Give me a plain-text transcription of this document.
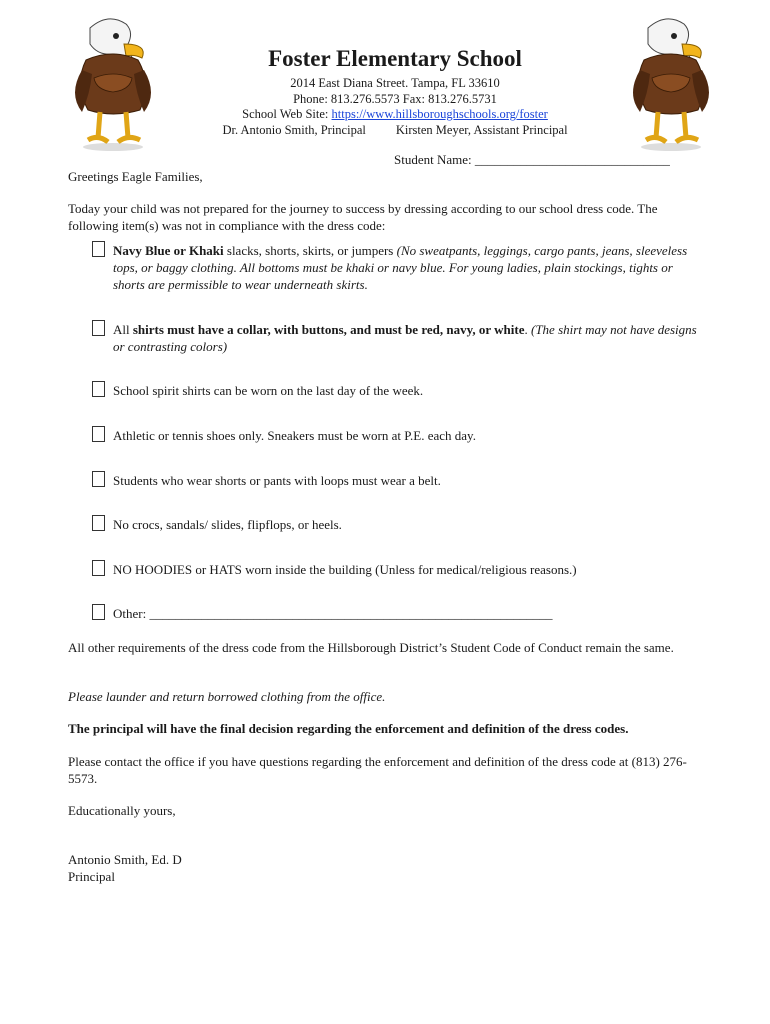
Foster Elementary School
2014 East Diana Street. Tampa, FL 33610
Phone: 813.276.5573 Fax: 813.276.5731
School Web Site: https://www.hillsboroughschools.org/foster
Dr. Antonio Smith, Principal Kirsten Meyer, Assistant Principal
Student Name: ______________________________
Greetings Eagle Families,
Today your child was not prepared for the journey to success by dressing according to our school dress code. The following item(s) was not in compliance with the dress code:
Navy Blue or Khaki slacks, shorts, skirts, or jumpers (No sweatpants, leggings, cargo pants, jeans, sleeveless tops, or baggy clothing. All bottoms must be khaki or navy blue. For young ladies, plain stockings, tights or shorts are permissible to wear underneath skirts.
All shirts must have a collar, with buttons, and must be red, navy, or white. (The shirt may not have designs or contrasting colors)
School spirit shirts can be worn on the last day of the week.
Athletic or tennis shoes only. Sneakers must be worn at P.E. each day.
Students who wear shorts or pants with loops must wear a belt.
No crocs, sandals/ slides, flipflops, or heels.
NO HOODIES or HATS worn inside the building (Unless for medical/religious reasons.)
Other: ______________________________________________________________
All other requirements of the dress code from the Hillsborough District’s Student Code of Conduct remain the same.
Please launder and return borrowed clothing from the office.
The principal will have the final decision regarding the enforcement and definition of the dress codes.
Please contact the office if you have questions regarding the enforcement and definition of the dress code at (813) 276-5573.
Educationally yours,
Antonio Smith, Ed. D
Principal
